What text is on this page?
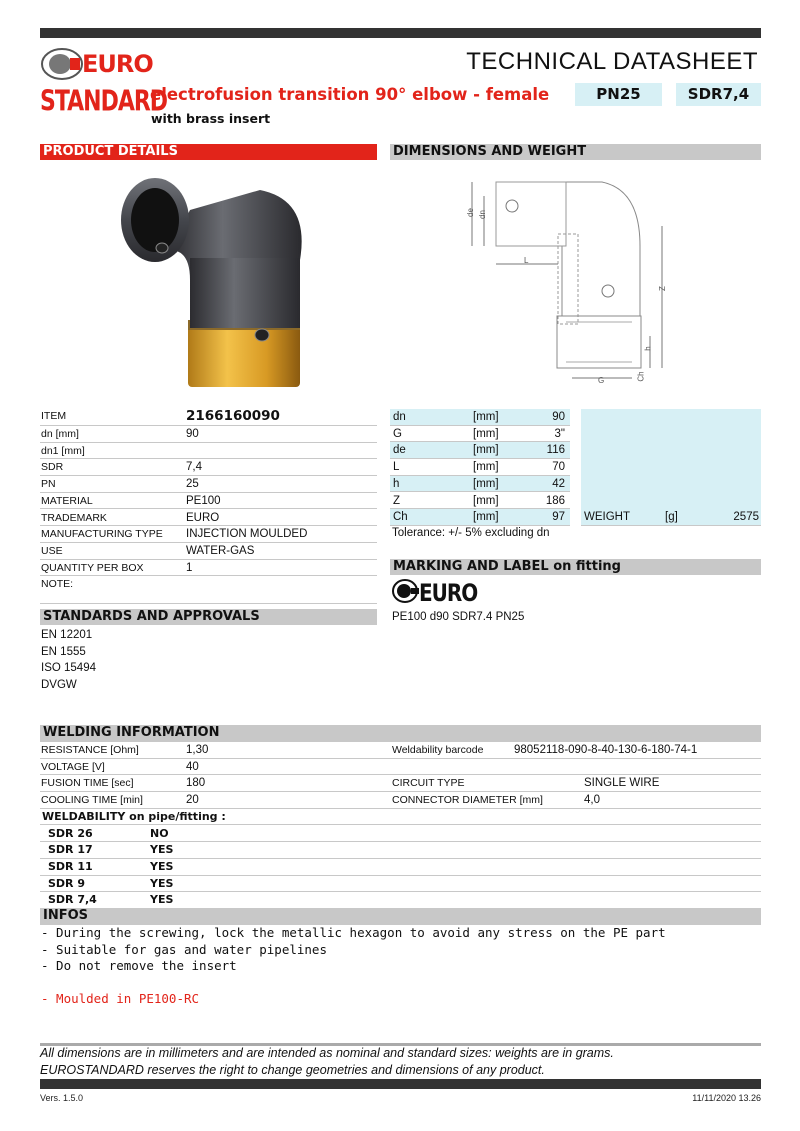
EURO
STANDARD
TECHNICAL DATASHEET
electrofusion transition 90° elbow - female
with brass insert
PN25	SDR7,4
PRODUCT DETAILS	DIMENSIONS AND WEIGHT
de dn
L
Z
h
G	Ch
ITEM	2166160090
dn [mm]	90
dn1 [mm]
SDR	7,4
PN	25
MATERIAL	PE100
TRADEMARK	EURO
MANUFACTURING TYPE INJECTION MOULDED
USE	WATER-GAS
QUANTITY PER BOX	1
NOTE:
dn	[mm]	90
G	[mm]	3"
de	[mm]	116
L	[mm]	70
h	[mm]	42
Z	[mm]	186
Ch	[mm]	97 WEIGHT	[g]	2575
Tolerance: +/- 5% excluding dn
MARKING AND LABEL on fitting
EURO
PE100 d90 SDR7.4 PN25
STANDARDS AND APPROVALS
EN 12201
EN 1555
ISO 15494
DVGW
WELDING INFORMATION
RESISTANCE [Ohm]	1,30	Weldability barcode	98052118-090-8-40-130-6-180-74-1
VOLTAGE [V]	40
FUSION TIME [sec]	180	CIRCUIT TYPE	SINGLE WIRE
COOLING TIME [min]	20	CONNECTOR DIAMETER [mm]	4,0
WELDABILITY on pipe/fitting :
SDR 26	NO
SDR 17	YES
SDR 11	YES
SDR 9	YES
SDR 7,4	YES
INFOS
- During the screwing, lock the metallic hexagon to avoid any stress on the PE part
- Suitable for gas and water pipelines
- Do not remove the insert
- Moulded in PE100-RC
All dimensions are in millimeters and are intended as nominal and standard sizes: weights are in grams.
EUROSTANDARD reserves the right to change geometries and dimensions of any product.
Vers. 1.5.0	11/11/2020 13.26
